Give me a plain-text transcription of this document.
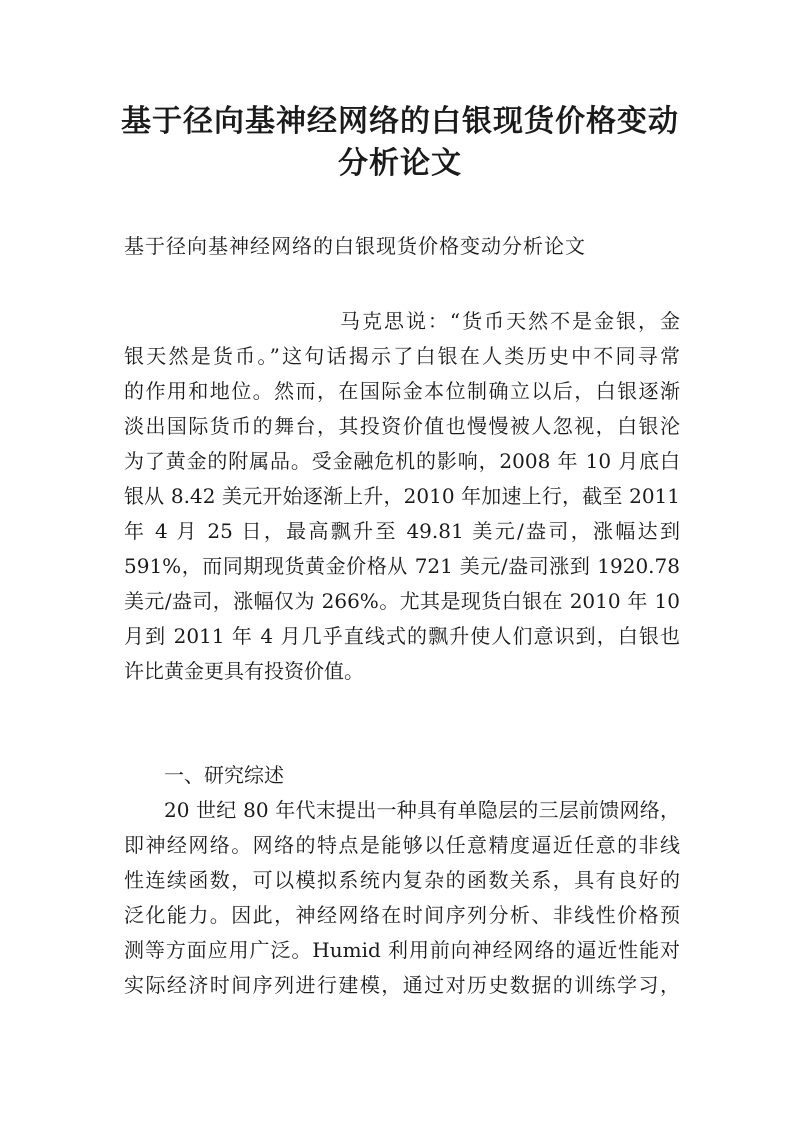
基于径向基神经网络的白银现货价格变动
分析论文
基于径向基神经网络的白银现货价格变动分析论文
马克思说：“货币天然不是金银，金
银天然是货币。”这句话揭示了白银在人类历史中不同寻常
的作用和地位。然而，在国际金本位制确立以后，白银逐渐
淡出国际货币的舞台，其投资价值也慢慢被人忽视，白银沦
为了黄金的附属品。受金融危机的影响，2008 年 10 月底白
银从 8.42 美元开始逐渐上升，2010 年加速上行，截至 2011
年 4 月 25 日，最高飘升至 49.81 美元/盎司，涨幅达到
591%，而同期现货黄金价格从 721 美元/盎司涨到 1920.78
美元/盎司，涨幅仅为 266%。尤其是现货白银在 2010 年 10
月到 2011 年 4 月几乎直线式的飘升使人们意识到，白银也
许比黄金更具有投资价值。
一、研究综述
20 世纪 80 年代末提出一种具有单隐层的三层前馈网络，
即神经网络。网络的特点是能够以任意精度逼近任意的非线
性连续函数，可以模拟系统内复杂的函数关系，具有良好的
泛化能力。因此，神经网络在时间序列分析、非线性价格预
测等方面应用广泛。Humid 利用前向神经网络的逼近性能对
实际经济时间序列进行建模，通过对历史数据的训练学习，
